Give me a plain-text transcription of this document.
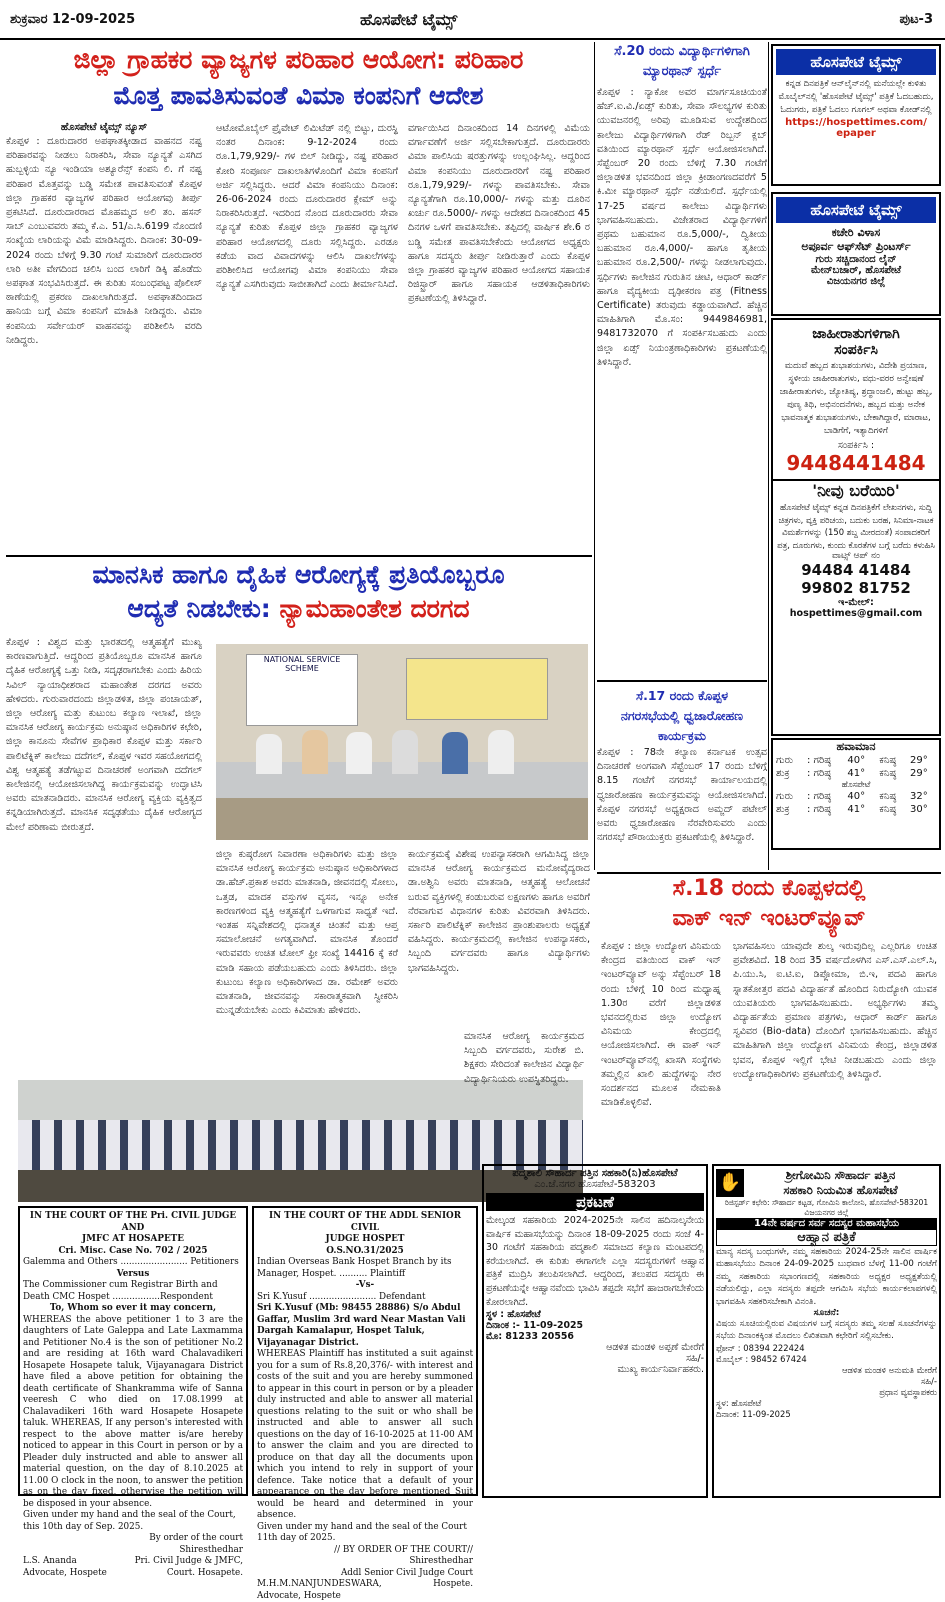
ಶುಕ್ರವಾರ 12-09-2025	ಹೊಸಪೇಟೆ ಟೈಮ್ಸ್	ಪುಟ-3
ಜಿಲ್ಲಾ ಗ್ರಾಹಕರ ವ್ಯಾಜ್ಯಗಳ ಪರಿಹಾರ ಆಯೋಗ: ಪರಿಹಾರ
ಮೊತ್ತ ಪಾವತಿಸುವಂತೆ ವಿಮಾ ಕಂಪನಿಗೆ ಆದೇಶ
ಹೊಸಪೇಟೆ ಟೈಮ್ಸ್ ನ್ಯೂಸ್
ಕೊಪ್ಪಳ : ದೂರುದಾರರ ಅಪಘಾತಕ್ಕೀಡಾದ ವಾಹನದ ನಷ್ಟ ಪರಿಹಾರವನ್ನು ನೀಡಲು ನಿರಾಕರಿಸಿ, ಸೇವಾ ನ್ಯೂನ್ಯತೆ ಎಸಗಿದ ಹುಬ್ಬಳ್ಳಿಯ ನ್ಯೂ ಇಂಡಿಯಾ ಅಶ್ಯೂರೆನ್ಸ್ ಕಂಪನಿ ಲಿ. ಗೆ ನಷ್ಟ ಪರಿಹಾರ ಮೊತ್ತವನ್ನು ಬಡ್ಡಿ ಸಮೇತ ಪಾವತಿಸುವಂತೆ ಕೊಪ್ಪಳ ಜಿಲ್ಲಾ ಗ್ರಾಹಕರ ವ್ಯಾಜ್ಯಗಳ ಪರಿಹಾರ ಆಯೋಗವು ತೀರ್ಪು ಪ್ರಕಟಿಸಿದೆ. ದೂರುದಾರರಾದ ಮೊಹಮ್ಮದ ಅಲಿ ತಂ. ಹಸನ್ ಸಾಬ್ ಎಂಬುವವರು ತಮ್ಮ ಕೆ.ಎ. 51/ಎ.ಸಿ.6199 ನೊಂದಣಿ ಸಂಖ್ಯೆಯ ಲಾರಿಯನ್ನು ವಿಮೆ ಮಾಡಿಸಿದ್ದರು. ದಿನಾಂಕ: 30-09-2024 ರಂದು ಬೆಳಿಗ್ಗೆ 9.30 ಗಂಟೆ ಸುಮಾರಿಗೆ ದೂರುದಾರರ ಲಾರಿ ಅತೀ ವೇಗದಿಂದ ಚಲಿಸಿ ಬಂದ ಲಾರಿಗೆ ಡಿಕ್ಕಿ ಹೊಡೆದು ಅಪಘಾತ ಸಂಭವಿಸಿರುತ್ತದೆ. ಈ ಕುರಿತು ಸಂಬಂಧಪಟ್ಟ ಪೊಲೀಸ್ ಠಾಣೆಯಲ್ಲಿ ಪ್ರಕರಣ ದಾಖಲಾಗಿರುತ್ತದೆ. ಅಪಘಾತದಿಂದಾದ ಹಾನಿಯ ಬಗ್ಗೆ ವಿಮಾ ಕಂಪನಿಗೆ ಮಾಹಿತಿ ನೀಡಿದ್ದರು. ವಿಮಾ ಕಂಪನಿಯ ಸರ್ವೇಯರ್ ವಾಹನವನ್ನು ಪರಿಶೀಲಿಸಿ ವರದಿ ನೀಡಿದ್ದರು.
ಆಟೋಮೊಬೈಲ್ ಪ್ರೈವೇಟ್ ಲಿಮಿಟೆಡ್ ನಲ್ಲಿ ಬಿಟ್ಟು, ದುರಸ್ಥಿ ನಂತರ ದಿನಾಂಕ: 9-12-2024 ರಂದು ರೂ.1,79,929/- ಗಳ ಬಿಲ್ ನೀಡಿದ್ದು, ನಷ್ಟ ಪರಿಹಾರ ಕೋರಿ ಸಂಪೂರ್ಣ ದಾಖಲಾತಿಗಳೊಂದಿಗೆ ವಿಮಾ ಕಂಪನಿಗೆ ಅರ್ಜಿ ಸಲ್ಲಿಸಿದ್ದರು. ಆದರೆ ವಿಮಾ ಕಂಪನಿಯು ದಿನಾಂಕ: 26-06-2024 ರಂದು ದೂರುದಾರರ ಕ್ಲೇಮ್ ಅನ್ನು ನಿರಾಕರಿಸಿರುತ್ತದೆ. ಇದರಿಂದ ನೊಂದ ದೂರುದಾರರು ಸೇವಾ ನ್ಯೂನ್ಯತೆ ಕುರಿತು ಕೊಪ್ಪಳ ಜಿಲ್ಲಾ ಗ್ರಾಹಕರ ವ್ಯಾಜ್ಯಗಳ ಪರಿಹಾರ ಆಯೋಗದಲ್ಲಿ ದೂರು ಸಲ್ಲಿಸಿದ್ದರು. ಎರಡೂ ಕಡೆಯ ವಾದ ವಿವಾದಗಳನ್ನು ಆಲಿಸಿ ದಾಖಲೆಗಳನ್ನು ಪರಿಶೀಲಿಸಿದ ಆಯೋಗವು ವಿಮಾ ಕಂಪನಿಯು ಸೇವಾ ನ್ಯೂನ್ಯತೆ ಎಸಗಿರುವುದು ಸಾಬೀತಾಗಿದೆ ಎಂದು ತೀರ್ಮಾನಿಸಿದೆ.
ವರ್ಗಾಯಿಸಿದ ದಿನಾಂಕದಿಂದ 14 ದಿನಗಳಲ್ಲಿ ವಿಮೆಯ ವರ್ಗಾವಣೆಗೆ ಅರ್ಜಿ ಸಲ್ಲಿಸಬೇಕಾಗುತ್ತದೆ. ದೂರುದಾರರು ವಿಮಾ ಪಾಲಿಸಿಯ ಷರತ್ತುಗಳನ್ನು ಉಲ್ಲಂಘಿಸಿಲ್ಲ. ಆದ್ದರಿಂದ ವಿಮಾ ಕಂಪನಿಯು ದೂರುದಾರರಿಗೆ ನಷ್ಟ ಪರಿಹಾರ ರೂ.1,79,929/- ಗಳನ್ನು ಪಾವತಿಸಬೇಕು. ಸೇವಾ ನ್ಯೂನ್ಯತೆಗಾಗಿ ರೂ.10,000/- ಗಳನ್ನು ಮತ್ತು ದೂರಿನ ಖರ್ಚು ರೂ.5000/- ಗಳನ್ನು ಆದೇಶದ ದಿನಾಂಕದಿಂದ 45 ದಿನಗಳ ಒಳಗೆ ಪಾವತಿಸಬೇಕು. ತಪ್ಪಿದಲ್ಲಿ ವಾರ್ಷಿಕ ಶೇ.6 ರ ಬಡ್ಡಿ ಸಮೇತ ಪಾವತಿಸಬೇಕೆಂದು ಆಯೋಗದ ಅಧ್ಯಕ್ಷರು ಹಾಗೂ ಸದಸ್ಯರು ತೀರ್ಪು ನೀಡಿರುತ್ತಾರೆ ಎಂದು ಕೊಪ್ಪಳ ಜಿಲ್ಲಾ ಗ್ರಾಹಕರ ವ್ಯಾಜ್ಯಗಳ ಪರಿಹಾರ ಆಯೋಗದ ಸಹಾಯಕ ರಿಜಿಸ್ಟ್ರಾರ್ ಹಾಗೂ ಸಹಾಯಕ ಆಡಳಿತಾಧಿಕಾರಿಗಳು ಪ್ರಕಟಣೆಯಲ್ಲಿ ತಿಳಿಸಿದ್ದಾರೆ.
ಮಾನಸಿಕ ಹಾಗೂ ದೈಹಿಕ ಆರೋಗ್ಯಕ್ಕೆ ಪ್ರತಿಯೊಬ್ಬರೂ
ಆದ್ಯತೆ ನಿಡಬೇಕು: ನ್ಯಾಮಹಾಂತೇಶ ದರಗದ
ಕೊಪ್ಪಳ : ವಿಶ್ವದ ಮತ್ತು ಭಾರತದಲ್ಲಿ ಆತ್ಮಹತ್ಯೆಗೆ ಮುಖ್ಯ ಕಾರಣವಾಗುತ್ತಿದೆ. ಆದ್ದರಿಂದ ಪ್ರತಿಯೊಬ್ಬರೂ ಮಾನಸಿಕ ಹಾಗೂ ದೈಹಿಕ ಆರೋಗ್ಯಕ್ಕೆ ಒತ್ತು ನೀಡಿ, ಸದೃಢರಾಗಬೇಕು ಎಂದು ಹಿರಿಯ ಸಿವಿಲ್ ನ್ಯಾಯಾಧೀಶರಾದ ಮಹಾಂತೇಶ ದರಗದ ಅವರು ಹೇಳಿದರು. ಗುರುವಾರದಂದು ಜಿಲ್ಲಾಡಳಿತ, ಜಿಲ್ಲಾ ಪಂಚಾಯತ್, ಜಿಲ್ಲಾ ಆರೋಗ್ಯ ಮತ್ತು ಕುಟುಂಬ ಕಲ್ಯಾಣ ಇಲಾಖೆ, ಜಿಲ್ಲಾ ಮಾನಸಿಕ ಆರೋಗ್ಯ ಕಾರ್ಯಕ್ರಮ ಅನುಷ್ಠಾನ ಅಧಿಕಾರಿಗಳ ಕಛೇರಿ, ಜಿಲ್ಲಾ ಕಾನೂನು ಸೇವೆಗಳ ಪ್ರಾಧಿಕಾರ ಕೊಪ್ಪಳ ಮತ್ತು ಸರ್ಕಾರಿ ಪಾಲಿಟೆಕ್ನಿಕ್ ಕಾಲೇಜು ದದೆಗಲ್, ಕೊಪ್ಪಳ ಇವರ ಸಹಯೋಗದಲ್ಲಿ ವಿಶ್ವ ಆತ್ಮಹತ್ಯೆ ತಡೆಗಟ್ಟುವ ದಿನಾಚರಣೆ ಅಂಗವಾಗಿ ದದೆಗಲ್ ಕಾಲೇಜಿನಲ್ಲಿ ಆಯೋಜಿಸಲಾಗಿದ್ದ ಕಾರ್ಯಕ್ರಮವನ್ನು ಉದ್ಘಾಟಿಸಿ ಅವರು ಮಾತನಾಡಿದರು. ಮಾನಸಿಕ ಆರೋಗ್ಯ ವ್ಯಕ್ತಿಯ ವ್ಯಕ್ತಿತ್ವದ ಕನ್ನಡಿಯಾಗಿರುತ್ತದೆ. ಮಾನಸಿಕ ಸದೃಢತೆಯು ದೈಹಿಕ ಆರೋಗ್ಯದ ಮೇಲೆ ಪರಿಣಾಮ ಬೀರುತ್ತದೆ.
NATIONAL SERVICE SCHEME
ಜಿಲ್ಲಾ ಕುಷ್ಠರೋಗ ನಿವಾರಣಾ ಅಧಿಕಾರಿಗಳು ಮತ್ತು ಜಿಲ್ಲಾ ಮಾನಸಿಕ ಆರೋಗ್ಯ ಕಾರ್ಯಕ್ರಮ ಅನುಷ್ಠಾನ ಅಧಿಕಾರಿಗಳಾದ ಡಾ.ಹೆಚ್.ಪ್ರಕಾಶ ಅವರು ಮಾತನಾಡಿ, ಜೀವನದಲ್ಲಿ ಸೋಲು, ಒತ್ತಡ, ಮಾದಕ ವಸ್ತುಗಳ ವ್ಯಸನ, ಇನ್ನೂ ಅನೇಕ ಕಾರಣಗಳಿಂದ ವ್ಯಕ್ತಿ ಆತ್ಮಹತ್ಯೆಗೆ ಒಳಗಾಗುವ ಸಾಧ್ಯತೆ ಇದೆ. ಇಂತಹ ಸನ್ನಿವೇಶದಲ್ಲಿ ಧನಾತ್ಮಕ ಚಿಂತನೆ ಮತ್ತು ಆಪ್ತ ಸಮಾಲೋಚನೆ ಅಗತ್ಯವಾಗಿದೆ. ಮಾನಸಿಕ ತೊಂದರೆ ಇರುವವರು ಉಚಿತ ಟೋಲ್ ಫ್ರೀ ಸಂಖ್ಯೆ 14416 ಕ್ಕೆ ಕರೆ ಮಾಡಿ ಸಹಾಯ ಪಡೆಯಬಹುದು ಎಂದು ತಿಳಿಸಿದರು. ಜಿಲ್ಲಾ ಕುಟುಂಬ ಕಲ್ಯಾಣ ಅಧಿಕಾರಿಗಳಾದ ಡಾ. ರಮೇಶ್ ಅವರು ಮಾತನಾಡಿ, ಜೀವನವನ್ನು ಸಕಾರಾತ್ಮಕವಾಗಿ ಸ್ವೀಕರಿಸಿ ಮುನ್ನಡೆಯಬೇಕು ಎಂದು ಕಿವಿಮಾತು ಹೇಳಿದರು.
ಕಾರ್ಯಕ್ರಮಕ್ಕೆ ವಿಶೇಷ ಉಪನ್ಯಾಸಕರಾಗಿ ಆಗಮಿಸಿದ್ದ ಜಿಲ್ಲಾ ಮಾನಸಿಕ ಆರೋಗ್ಯ ಕಾರ್ಯಕ್ರಮದ ಮನೋವೈದ್ಯರಾದ ಡಾ.ಅಶ್ವಿನಿ ಅವರು ಮಾತನಾಡಿ, ಆತ್ಮಹತ್ಯೆ ಆಲೋಚನೆ ಬರುವ ವ್ಯಕ್ತಿಗಳಲ್ಲಿ ಕಂಡುಬರುವ ಲಕ್ಷಣಗಳು ಹಾಗೂ ಅವರಿಗೆ ನೆರವಾಗುವ ವಿಧಾನಗಳ ಕುರಿತು ವಿವರವಾಗಿ ತಿಳಿಸಿದರು. ಸರ್ಕಾರಿ ಪಾಲಿಟೆಕ್ನಿಕ್ ಕಾಲೇಜಿನ ಪ್ರಾಂಶುಪಾಲರು ಅಧ್ಯಕ್ಷತೆ ವಹಿಸಿದ್ದರು. ಕಾರ್ಯಕ್ರಮದಲ್ಲಿ ಕಾಲೇಜಿನ ಉಪನ್ಯಾಸಕರು, ಸಿಬ್ಬಂದಿ ವರ್ಗದವರು ಹಾಗೂ ವಿದ್ಯಾರ್ಥಿಗಳು ಭಾಗವಹಿಸಿದ್ದರು.
ಮಾನಸಿಕ ಆರೋಗ್ಯ ಕಾರ್ಯಕ್ರಮದ ಸಿಬ್ಬಂದಿ ವರ್ಗದವರು, ಸುರೇಶ ಬಿ. ಶಿಕ್ಷಕರು ಸೇರಿದಂತೆ ಕಾಲೇಜಿನ ವಿದ್ಯಾರ್ಥಿ ವಿದ್ಯಾರ್ಥಿನಿಯರು ಉಪಸ್ಥಿತರಿದ್ದರು.
ಸೆ.20 ರಂದು ವಿದ್ಯಾರ್ಥಿಗಳಿಗಾಗಿ
ಮ್ಯಾರಥಾನ್ ಸ್ಪರ್ಧೆ
ಕೊಪ್ಪಳ : ನ್ಯಾಕೋ ಅವರ ಮಾರ್ಗಸೂಚಿಯಂತೆ ಹೆಚ್.ಐ.ವಿ./ಏಡ್ಸ್ ಕುರಿತು, ಸೇವಾ ಸೌಲಭ್ಯಗಳ ಕುರಿತು ಯುವಜನರಲ್ಲಿ ಅರಿವು ಮೂಡಿಸುವ ಉದ್ದೇಶದಿಂದ ಕಾಲೇಜು ವಿದ್ಯಾರ್ಥಿಗಳಿಗಾಗಿ ರೆಡ್ ರಿಬ್ಬನ್ ಕ್ಲಬ್ ವತಿಯಿಂದ ಮ್ಯಾರಥಾನ್ ಸ್ಪರ್ಧೆ ಆಯೋಜಿಸಲಾಗಿದೆ. ಸೆಪ್ಟೆಂಬರ್ 20 ರಂದು ಬೆಳಿಗ್ಗೆ 7.30 ಗಂಟೆಗೆ ಜಿಲ್ಲಾಡಳಿತ ಭವನದಿಂದ ಜಿಲ್ಲಾ ಕ್ರೀಡಾಂಗಣದವರೆಗೆ 5 ಕಿ.ಮೀ ಮ್ಯಾರಥಾನ್ ಸ್ಪರ್ಧೆ ನಡೆಯಲಿದೆ. ಸ್ಪರ್ಧೆಯಲ್ಲಿ 17-25 ವರ್ಷದ ಕಾಲೇಜು ವಿದ್ಯಾರ್ಥಿಗಳು ಭಾಗವಹಿಸಬಹುದು. ವಿಜೇತರಾದ ವಿದ್ಯಾರ್ಥಿಗಳಿಗೆ ಪ್ರಥಮ ಬಹುಮಾನ ರೂ.5,000/-, ದ್ವಿತೀಯ ಬಹುಮಾನ ರೂ.4,000/- ಹಾಗೂ ತೃತೀಯ ಬಹುಮಾನ ರೂ.2,500/- ಗಳನ್ನು ನೀಡಲಾಗುವುದು. ಸ್ಪರ್ಧಿಗಳು ಕಾಲೇಜಿನ ಗುರುತಿನ ಚೀಟಿ, ಆಧಾರ್ ಕಾರ್ಡ್ ಹಾಗೂ ವೈದ್ಯಕೀಯ ದೃಢೀಕರಣ ಪತ್ರ (Fitness Certificate) ತರುವುದು ಕಡ್ಡಾಯವಾಗಿದೆ. ಹೆಚ್ಚಿನ ಮಾಹಿತಿಗಾಗಿ ಮೊ.ಸಂ: 9449846981, 9481732070 ಗೆ ಸಂಪರ್ಕಿಸಬಹುದು ಎಂದು ಜಿಲ್ಲಾ ಏಡ್ಸ್ ನಿಯಂತ್ರಣಾಧಿಕಾರಿಗಳು ಪ್ರಕಟಣೆಯಲ್ಲಿ ತಿಳಿಸಿದ್ದಾರೆ.
ಸೆ.17 ರಂದು ಕೊಪ್ಪಳ
ನಗರಸಭೆಯಲ್ಲಿ ಧ್ವಜಾರೋಹಣ
ಕಾರ್ಯಕ್ರಮ
ಕೊಪ್ಪಳ : 78ನೇ ಕಲ್ಯಾಣ ಕರ್ನಾಟಕ ಉತ್ಸವ ದಿನಾಚರಣೆ ಅಂಗವಾಗಿ ಸೆಪ್ಟೆಂಬರ್ 17 ರಂದು ಬೆಳಿಗ್ಗೆ 8.15 ಗಂಟೆಗೆ ನಗರಸಭೆ ಕಾರ್ಯಾಲಯದಲ್ಲಿ ಧ್ವಜಾರೋಹಣ ಕಾರ್ಯಕ್ರಮವನ್ನು ಆಯೋಜಿಸಲಾಗಿದೆ. ಕೊಪ್ಪಳ ನಗರಸಭೆ ಅಧ್ಯಕ್ಷರಾದ ಅಮ್ಜದ್ ಪಟೇಲ್ ಅವರು ಧ್ವಜಾರೋಹಣ ನೆರವೇರಿಸುವರು ಎಂದು ನಗರಸಭೆ ಪೌರಾಯುಕ್ತರು ಪ್ರಕಟಣೆಯಲ್ಲಿ ತಿಳಿಸಿದ್ದಾರೆ.
ಹೊಸಪೇಟೆ ಟೈಮ್ಸ್
ಕನ್ನಡ ದಿನಪತ್ರಿಕೆ ಆನ್‌ಲೈನ್‌ನಲ್ಲಿ ಮನೆಯಲ್ಲೇ ಕುಳಿತು ಮೊಬೈಲ್‌ನಲ್ಲಿ 'ಹೊಸಪೇಟೆ ಟೈಮ್ಸ್' ಪತ್ರಿಕೆ ಓದಬಹುದು, ಓದುಗರು, ಪತ್ರಿಕೆ ಓದಲು ಗೂಗಲ್ ಅಥವಾ ಕೋಡ್‌ನಲ್ಲಿ
https://hospettimes.com/
epaper
ಹೊಸಪೇಟೆ ಟೈಮ್ಸ್
ಕಚೇರಿ ವಿಳಾಸ
ಅಪೂರ್ವ ಆಫ್‌ಸೆಟ್ ಪ್ರಿಂಟರ್ಸ್
ಗುರು ಸಚ್ಚಿದಾನಂದ ಲೈನ್
ಮೇನ್‌ಬಜಾರ್, ಹೊಸಪೇಟೆ
ವಿಜಯನಗರ ಜಿಲ್ಲೆ
ಜಾಹೀರಾತುಗಳಿಗಾಗಿ
ಸಂಪರ್ಕಿಸಿ
ಮದುವೆ ಹಬ್ಬದ ಶುಭಾಶಯಗಳು, ವಿದೇಶಿ ಪ್ರಯಾಣ, ಸ್ಥಳೀಯ ಜಾಹೀರಾತುಗಳು, ವಧು-ವರರ ಅನ್ವೇಷಣೆ ಜಾಹೀರಾತುಗಳು, ಜ್ಯೋತಿಷ್ಯ, ಶ್ರದ್ಧಾಂಜಲಿ, ಹುಟ್ಟು ಹಬ್ಬ, ಪುಣ್ಯ ತಿಥಿ, ಅಭಿನಂದನೆಗಳು, ಹಬ್ಬದ ಮತ್ತು ಅನೇಕ ಭಾವನಾತ್ಮಕ ಶುಭಾಶಯಗಳು, ಬೇಕಾಗಿದ್ದಾರೆ, ಮಾರಾಟ, ಬಾಡಿಗೆಗೆ, ಇತ್ಯಾದಿಗಳಿಗೆ
ಸಂಪರ್ಕಿಸಿ :
9448441484
'ನೀವು ಬರೆಯಿರಿ'
ಹೊಸಪೇಟೆ ಟೈಮ್ಸ್ ಕನ್ನಡ ದಿನಪತ್ರಿಕೆಗೆ ಲೇಖನಗಳು, ಸುದ್ದಿ ಚಿತ್ರಗಳು, ವ್ಯಕ್ತಿ ಪರಿಚಯ, ಬದುಕು ಬರಹ, ಸಿನಿಮಾ-ನಾಟಕ ವಿಮರ್ಶೆಗಳನ್ನು (150 ಶಬ್ದ ಮೀರದಂತೆ) ಸಂಪಾದಕರಿಗೆ ಪತ್ರ, ದೂರುಗಳು, ಕುಂದು ಕೊರತೆಗಳ ಬಗ್ಗೆ ಬರೆದು ಕಳುಹಿಸಿ
ವಾಟ್ಸ್ ಆಪ್ ನಂ
94484 41484
99802 81752
ಇ-ಮೇಲ್: hospettimes@gmail.com
ಹವಾಮಾನ
ಗುರು	: ಗರಿಷ್ಠ	40°	ಕನಿಷ್ಠ	29°
ಶುಕ್ರ	: ಗರಿಷ್ಠ	41°	ಕನಿಷ್ಠ	29°
ಹೊಸಪೇಟೆ
ಗುರು	: ಗರಿಷ್ಠ	40°	ಕನಿಷ್ಠ	32°
ಶುಕ್ರ	: ಗರಿಷ್ಠ	41°	ಕನಿಷ್ಠ	30°
ಸೆ.18 ರಂದು ಕೊಪ್ಪಳದಲ್ಲಿ
ವಾಕ್ ಇನ್ ಇಂಟರ್‌ವ್ಯೂವ್
ಕೊಪ್ಪಳ : ಜಿಲ್ಲಾ ಉದ್ಯೋಗ ವಿನಿಮಯ ಕೇಂದ್ರದ ವತಿಯಿಂದ ವಾಕ್ ಇನ್ ಇಂಟರ್‌ವ್ಯೂವ್ ಅನ್ನು ಸೆಪ್ಟೆಂಬರ್ 18 ರಂದು ಬೆಳಿಗ್ಗೆ 10 ರಿಂದ ಮಧ್ಯಾಹ್ನ 1.30ರ ವರೆಗೆ ಜಿಲ್ಲಾಡಳಿತ ಭವನದಲ್ಲಿರುವ ಜಿಲ್ಲಾ ಉದ್ಯೋಗ ವಿನಿಮಯ ಕೇಂದ್ರದಲ್ಲಿ ಆಯೋಜಿಸಲಾಗಿದೆ. ಈ ವಾಕ್ ಇನ್ ಇಂಟರ್‌ವ್ಯೂವ್‌ನಲ್ಲಿ ಖಾಸಗಿ ಸಂಸ್ಥೆಗಳು ತಮ್ಮಲ್ಲಿನ ಖಾಲಿ ಹುದ್ದೆಗಳನ್ನು ನೇರ ಸಂದರ್ಶನದ ಮೂಲಕ ನೇಮಕಾತಿ ಮಾಡಿಕೊಳ್ಳಲಿವೆ.
ಭಾಗವಹಿಸಲು ಯಾವುದೇ ಶುಲ್ಕ ಇರುವುದಿಲ್ಲ ಎಲ್ಲರಿಗೂ ಉಚಿತ ಪ್ರವೇಶವಿದೆ. 18 ರಿಂದ 35 ವರ್ಷದೊಳಗಿನ ಎಸ್.ಎಸ್.ಎಲ್.ಸಿ, ಪಿ.ಯು.ಸಿ, ಐ.ಟಿ.ಐ, ಡಿಪ್ಲೋಮಾ, ಬಿ.ಇ, ಪದವಿ ಹಾಗೂ ಸ್ನಾತಕೋತ್ತರ ಪದವಿ ವಿದ್ಯಾರ್ಹತೆ ಹೊಂದಿದ ನಿರುದ್ಯೋಗಿ ಯುವಕ ಯುವತಿಯರು ಭಾಗವಹಿಸಬಹುದು. ಅಭ್ಯರ್ಥಿಗಳು ತಮ್ಮ ವಿದ್ಯಾರ್ಹತೆಯ ಪ್ರಮಾಣ ಪತ್ರಗಳು, ಆಧಾರ್ ಕಾರ್ಡ್ ಹಾಗೂ ಸ್ವವಿವರ (Bio-data) ದೊಂದಿಗೆ ಭಾಗವಹಿಸಬಹುದು. ಹೆಚ್ಚಿನ ಮಾಹಿತಿಗಾಗಿ ಜಿಲ್ಲಾ ಉದ್ಯೋಗ ವಿನಿಮಯ ಕೇಂದ್ರ, ಜಿಲ್ಲಾಡಳಿತ ಭವನ, ಕೊಪ್ಪಳ ಇಲ್ಲಿಗೆ ಭೇಟಿ ನೀಡಬಹುದು ಎಂದು ಜಿಲ್ಲಾ ಉದ್ಯೋಗಾಧಿಕಾರಿಗಳು ಪ್ರಕಟಣೆಯಲ್ಲಿ ತಿಳಿಸಿದ್ದಾರೆ.
IN THE COURT OF THE Pri. CIVIL JUDGE AND
JMFC AT HOSAPETE
Cri. Misc. Case No. 702 / 2025
Galemma and Others ........................ Petitioners
Versus
The Commissioner cum Registrar Birth and Death CMC Hospet .................Respondent
To, Whom so ever it may concern,
WHEREAS the above petitioner 1 to 3 are the daughters of Late Galeppa and Late Laxmamma and Petitioner No.4 is the son of petitioner No.2 and are residing at 16th ward Chalavadikeri Hosapete Hosapete taluk, Vijayanagara District have filed a above petition for obtaining the death certificate of Shankramma wife of Sanna veeresh C who died on 17.08.1999 at Chalavadikeri 16th ward Hosapete Hosapete taluk. WHEREAS, If any person's interested with respect to the above matter is/are hereby noticed to appear in this Court in person or by a Pleader duly instructed and able to answer all material question, on the day of 8.10.2025 at 11.00 O clock in the noon, to answer the petition as on the day fixed, otherwise the petition will be disposed in your absence.
Given under my hand and the seal of the Court, this 10th day of Sep. 2025.
By order of the court
Shiresthedhar
L.S. Ananda	Pri. Civil Judge & JMFC,
Advocate, Hospete	Court. Hosapete.
IN THE COURT OF THE ADDL SENIOR CIVIL
JUDGE HOSPET
O.S.NO.31/2025
Indian Overseas Bank Hospet Branch by its Manager, Hospet. .......... Plaintiff
-Vs-
Sri K.Yusuf ........................ Defendant
Sri K.Yusuf (Mb: 98455 28886) S/o Abdul Gaffar, Muslim 3rd ward Near Mastan Vali Dargah Kamalapur, Hospet Taluk, Vijayanagar District.
WHEREAS Plaintiff has instituted a suit against you for a sum of Rs.8,20,376/- with interest and costs of the suit and you are hereby summoned to appear in this court in person or by a pleader duly instructed and able to answer all material questions relating to the suit or who shall be instructed and able to answer all such questions on the day of 16-10-2025 at 11-00 AM to answer the claim and you are directed to produce on that day all the documents upon which you intend to rely in support of your defence. Take notice that a default of your appearance on the day before mentioned Suit would be heard and determined in your absence.
Given under my hand and the seal of the Court 11th day of 2025.
// BY ORDER OF THE COURT//
Shiresthedhar
Addl Senior Civil Judge Court
M.H.M.NANJUNDESWARA,	Hospete.
Advocate, Hospete
ಪದ್ಮಶಾಲಿ ಸೌಹಾರ್ದ ಪತ್ತಿನ ಸಹಕಾರಿ(ನಿ)ಹೊಸಪೇಟೆ
ಎಂ.ಜೆ.ನಗರ ಹೊಸಪೇಟೆ-583203
ಪ್ರಕಟಣೆ
ಮೇಲ್ಕಂಡ ಸಹಕಾರಿಯ 2024-2025ನೇ ಸಾಲಿನ ಹದಿನಾಲ್ಕನೇಯ ವಾರ್ಷಿಕ ಮಹಾಸಭೆಯನ್ನು ದಿನಾಂಕ 18-09-2025 ರಂದು ಸಂಜೆ 4-30 ಗಂಟೆಗೆ ಸಹಕಾರಿಯ ಪದ್ಮಶಾಲಿ ಸಮಾಜದ ಕಲ್ಯಾಣ ಮಂಟಪದಲ್ಲಿ ಕರೆಯಲಾಗಿದೆ. ಈ ಕುರಿತು ಈಗಾಗಲೇ ಎಲ್ಲಾ ಸದಸ್ಯರುಗಳಿಗೆ ಆಹ್ವಾನ ಪತ್ರಿಕೆ ಮುದ್ರಿಸಿ ತಲುಪಿಸಲಾಗಿದೆ. ಆದ್ದರಿಂದ, ತಲುಪದ ಸದಸ್ಯರು ಈ ಪ್ರಕಟಣೆಯನ್ನೇ ಆಹ್ವಾನವೆಂದು ಭಾವಿಸಿ ತಪ್ಪದೇ ಸಭೆಗೆ ಹಾಜರಾಗಬೇಕೆಂದು ಕೋರಲಾಗಿದೆ.
ಸ್ಥಳ : ಹೊಸಪೇಟೆ
ದಿನಾಂಕ :- 11-09-2025
ಮೊ: 81233 20556
ಆಡಳಿತ ಮಂಡಳಿ ಅಪ್ಪಣೆ ಮೇರೆಗೆ
ಸಹಿ/-
ಮುಖ್ಯ ಕಾರ್ಯನಿರ್ವಾಹಕರು.
✋	ಶ್ರೀಗೋಮಿನಿ ಸೌಹಾರ್ದ ಪತ್ತಿನ
ಸಹಕಾರಿ ನಿಯಮಿತ ಹೊಸಪೇಟೆ
ರಿಜಿಸ್ಟರ್ಡ್ ಕಛೇರಿ: ಸೌಹಾರ್ದ ಕಟ್ಟಡ, ಗೋಮಿನಿ ಕಾಲೋನಿ, ಹೊಸಪೇಟೆ-583201 ವಿಜಯನಗರ ಜಿಲ್ಲೆ
14ನೇ ವರ್ಷದ ಸರ್ವ ಸದಸ್ಯರ ಮಹಾಸಭೆಯ
ಆಹ್ವಾನ ಪತ್ರಿಕೆ
ಮಾನ್ಯ ಸದಸ್ಯ ಬಂಧುಗಳೇ, ನಮ್ಮ ಸಹಕಾರಿಯ 2024-25ನೇ ಸಾಲಿನ ವಾರ್ಷಿಕ ಮಹಾಸಭೆಯು ದಿನಾಂಕ 24-09-2025 ಬುಧವಾರ ಬೆಳಗ್ಗೆ 11-00 ಗಂಟೆಗೆ ನಮ್ಮ ಸಹಕಾರಿಯ ಸಭಾಂಗಣದಲ್ಲಿ ಸಹಕಾರಿಯ ಅಧ್ಯಕ್ಷರ ಅಧ್ಯಕ್ಷತೆಯಲ್ಲಿ ನಡೆಯಲಿದ್ದು, ಎಲ್ಲಾ ಸದಸ್ಯರು ತಪ್ಪದೇ ಆಗಮಿಸಿ ಸಭೆಯ ಕಾರ್ಯಕಲಾಪಗಳಲ್ಲಿ ಭಾಗವಹಿಸಿ ಸಹಕರಿಸಬೇಕಾಗಿ ವಿನಂತಿ.
ಸೂಚನೆ:
ವಿಷಯ ಸೂಚಿಯಲ್ಲಿರುವ ವಿಷಯಗಳ ಬಗ್ಗೆ ಸದಸ್ಯರು ತಮ್ಮ ಸಲಹೆ ಸೂಚನೆಗಳನ್ನು ಸಭೆಯ ದಿನಾಂಕಕ್ಕಿಂತ ಮೊದಲು ಲಿಖಿತವಾಗಿ ಕಛೇರಿಗೆ ಸಲ್ಲಿಸಬೇಕು.
ಫೋನ್ : 08394 222424
ಮೊಬೈಲ್ : 98452 67424
ಆಡಳಿತ ಮಂಡಳಿ ಅನುಮತಿ ಮೇರೆಗೆ
ಸಹಿ/-
ಪ್ರಧಾನ ವ್ಯವಸ್ಥಾಪಕರು
ಸ್ಥಳ: ಹೊಸಪೇಟೆ
ದಿನಾಂಕ: 11-09-2025
